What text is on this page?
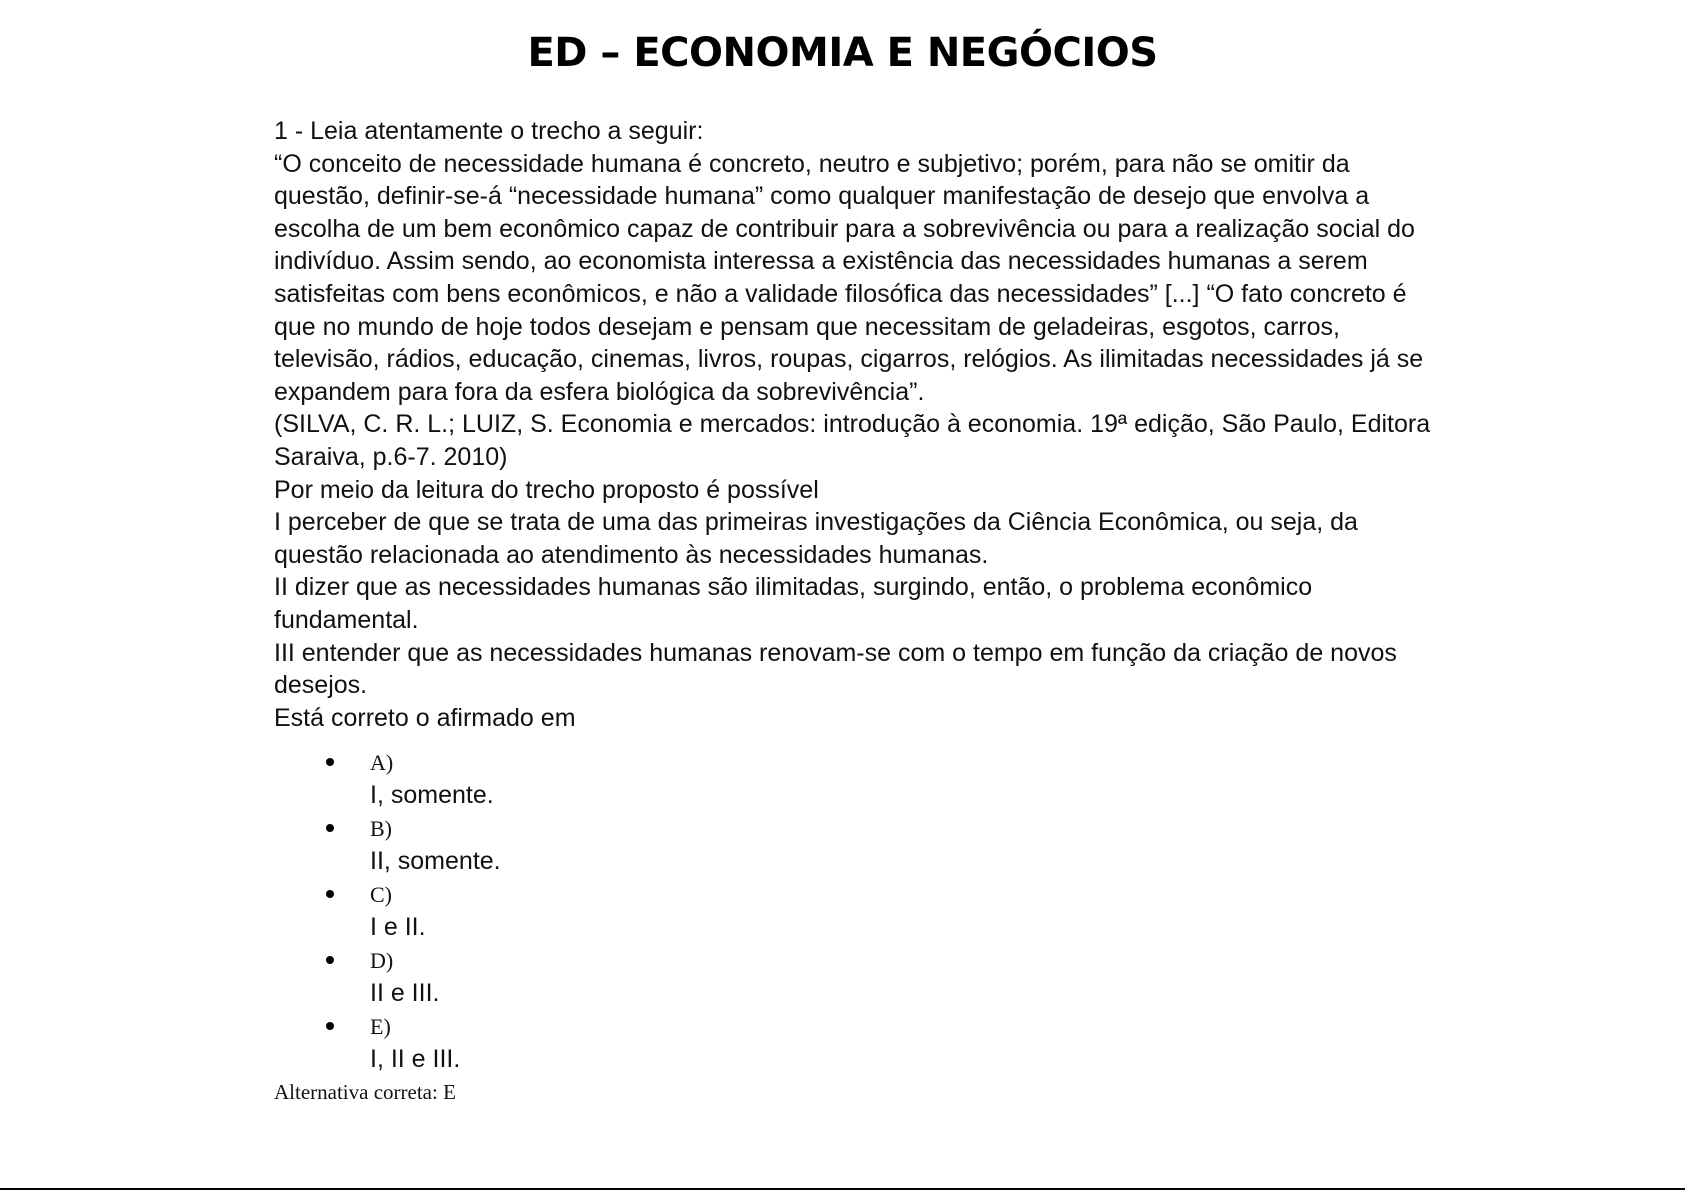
ED – ECONOMIA E NEGÓCIOS

1 - Leia atentamente o trecho a seguir:

“O conceito de necessidade humana é concreto, neutro e subjetivo; porém, para não se omitir da questão, definir-se-á “necessidade humana” como qualquer manifestação de desejo que envolva a escolha de um bem econômico capaz de contribuir para a sobrevivência ou para a realização social do indivíduo. Assim sendo, ao economista interessa a existência das necessidades humanas a serem satisfeitas com bens econômicos, e não a validade filosófica das necessidades” [...] “O fato concreto é que no mundo de hoje todos desejam e pensam que necessitam de geladeiras, esgotos, carros, televisão, rádios, educação, cinemas, livros, roupas, cigarros, relógios. As ilimitadas necessidades já se expandem para fora da esfera biológica da sobrevivência”.

(SILVA, C. R. L.; LUIZ, S. Economia e mercados: introdução à economia. 19ª edição, São Paulo, Editora Saraiva, p.6-7. 2010)

Por meio da leitura do trecho proposto é possível

I perceber de que se trata de uma das primeiras investigações da Ciência Econômica, ou seja, da questão relacionada ao atendimento às necessidades humanas.

II dizer que as necessidades humanas são ilimitadas, surgindo, então, o problema econômico fundamental.

III entender que as necessidades humanas renovam-se com o tempo em função da criação de novos desejos.

Está correto o afirmado em

A)
I, somente.
B)
II, somente.
C)
I e II.
D)
II e III.
E)
I, II e III.

Alternativa correta: E
